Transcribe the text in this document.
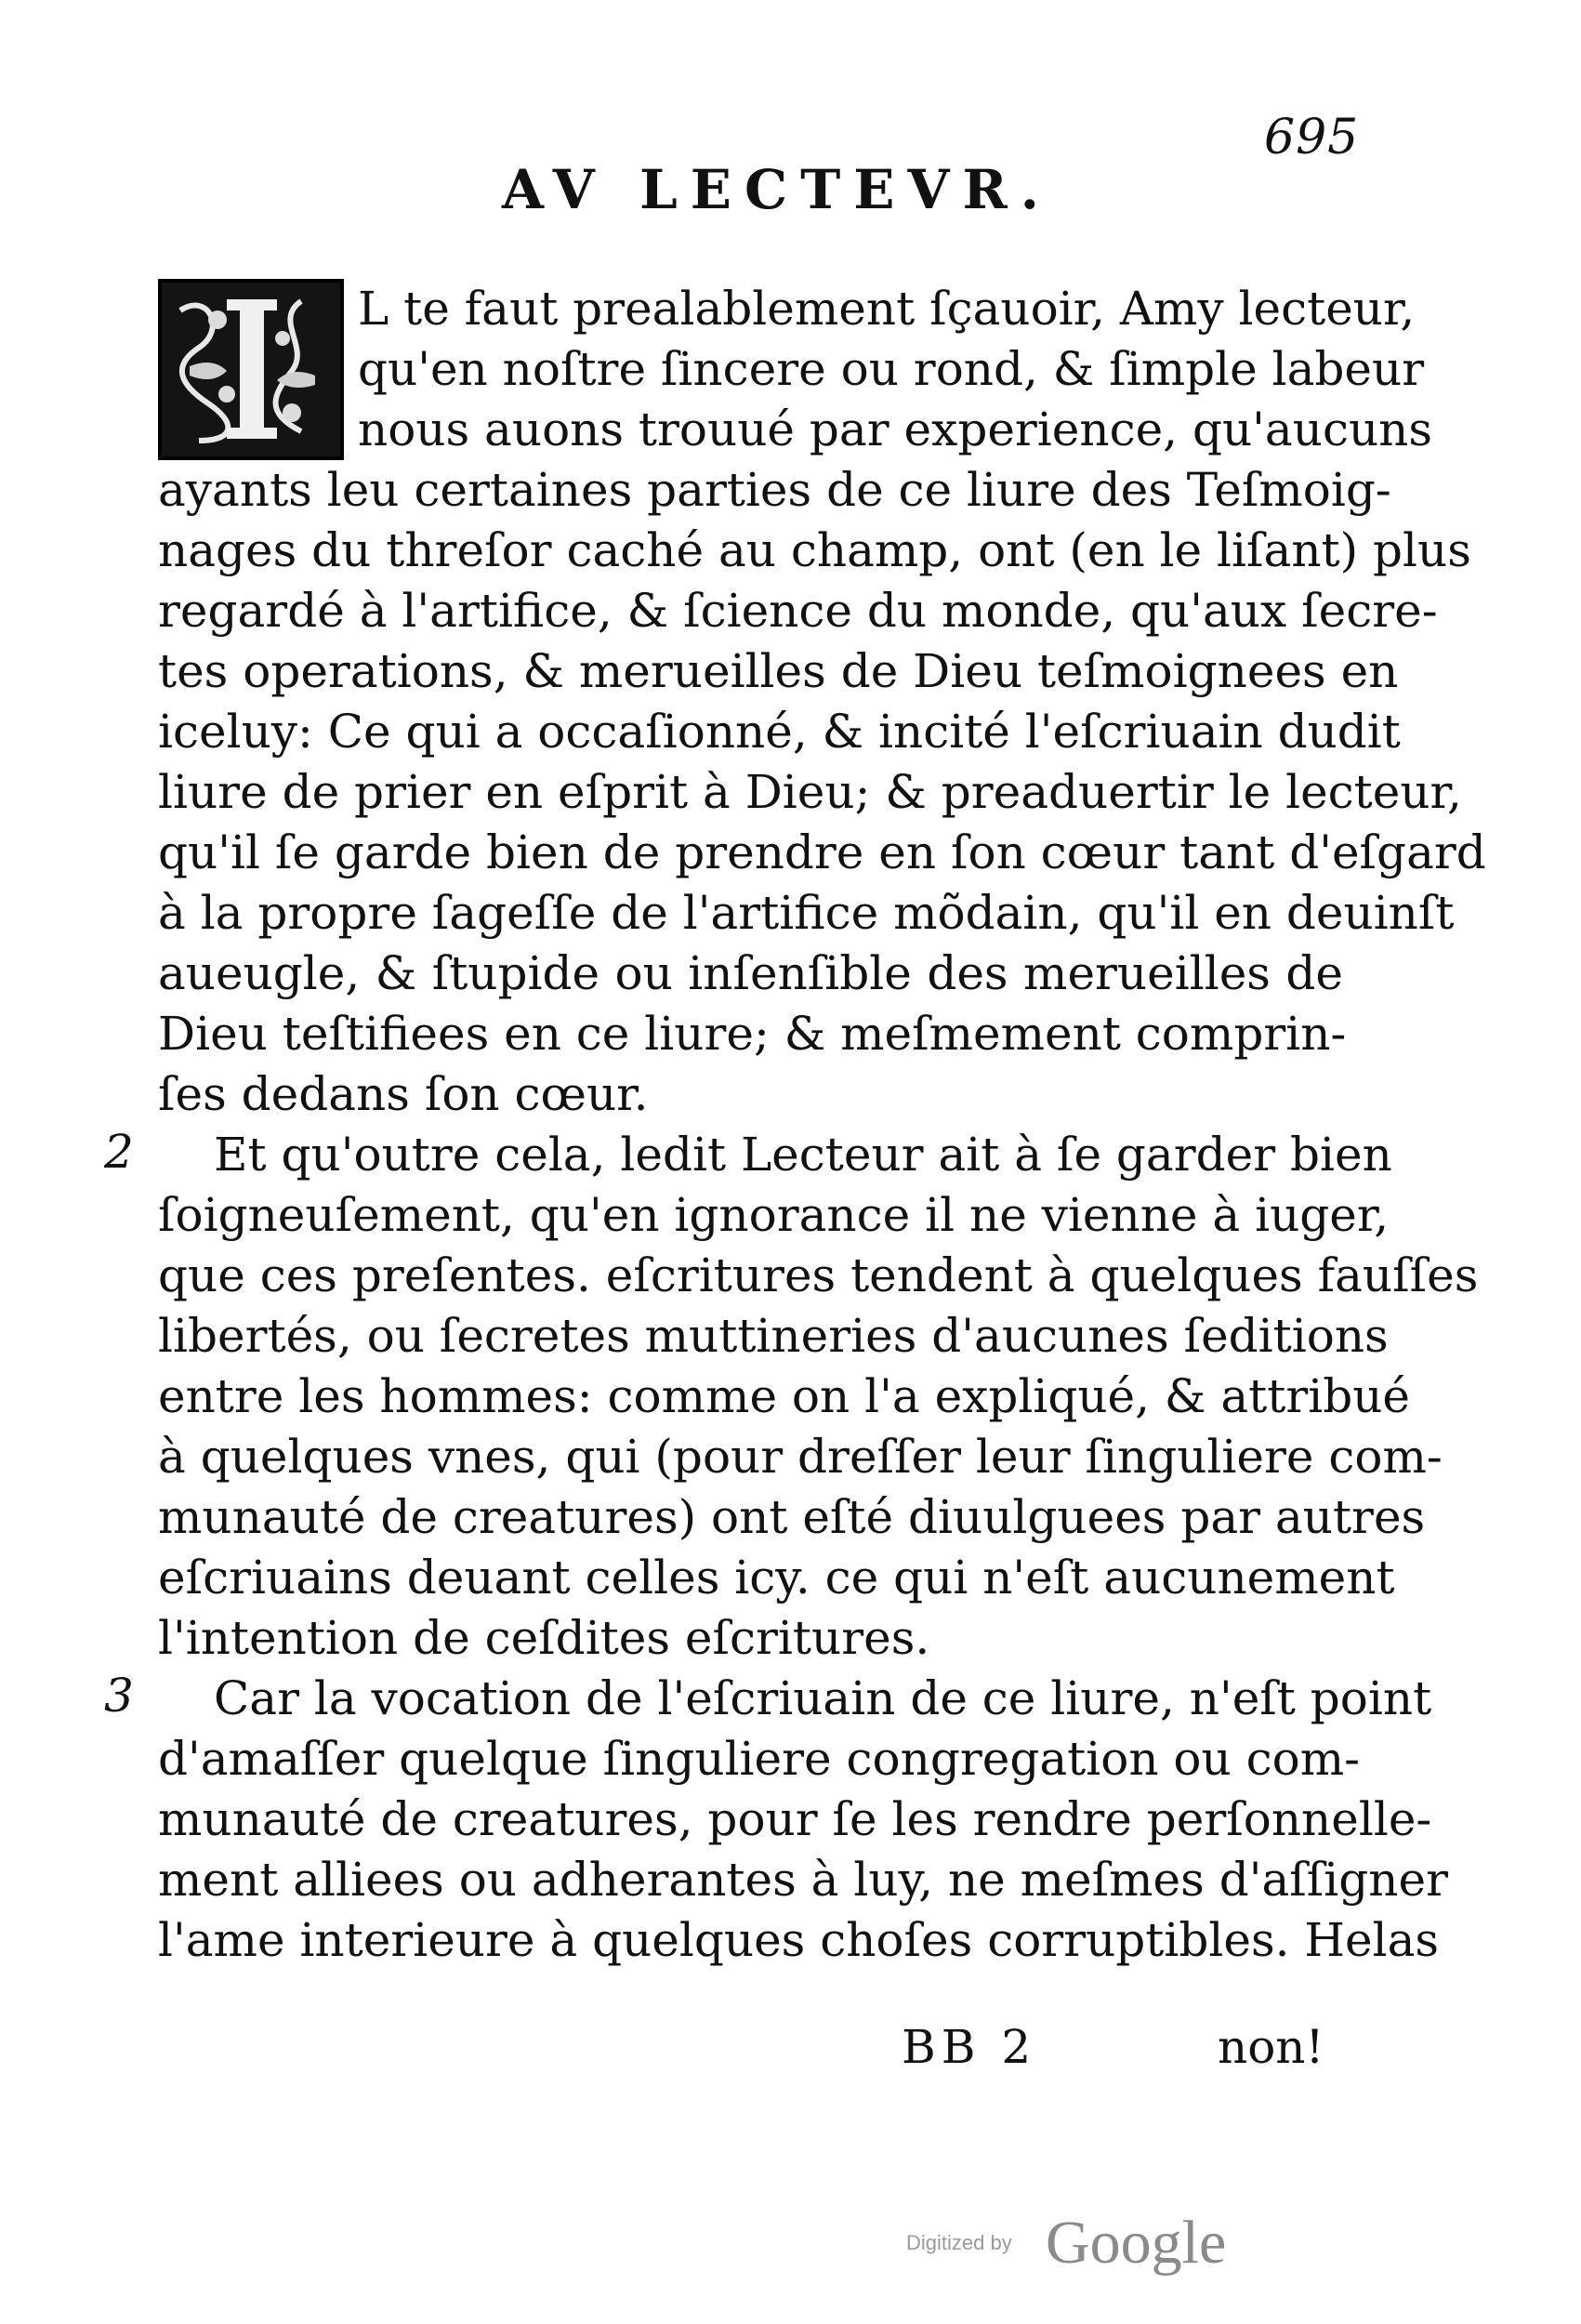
695
AV LECTEVR.
L te faut prealablement ſçauoir, Amy lecteur,
qu'en noſtre ſincere ou rond, & ſimple labeur
nous auons trouué par experience, qu'aucuns
ayants leu certaines parties de ce liure des Teſmoig-
nages du threſor caché au champ, ont (en le liſant) plus
regardé à l'artifice, & ſcience du monde, qu'aux ſecre-
tes operations, & merueilles de Dieu teſmoignees en
iceluy: Ce qui a occaſionné, & incité l'eſcriuain dudit
liure de prier en eſprit à Dieu; & preaduertir le lecteur,
qu'il ſe garde bien de prendre en ſon cœur tant d'eſgard
à la propre ſageſſe de l'artifice mõdain, qu'il en deuinſt
aueugle, & ſtupide ou inſenſible des merueilles de
Dieu teſtifiees en ce liure; & meſmement comprin-
ſes dedans ſon cœur.
Et qu'outre cela, ledit Lecteur ait à ſe garder bien
ſoigneuſement, qu'en ignorance il ne vienne à iuger,
que ces preſentes. eſcritures tendent à quelques fauſſes
libertés, ou ſecretes muttineries d'aucunes ſeditions
entre les hommes: comme on l'a expliqué, & attribué
à quelques vnes, qui (pour dreſſer leur ſinguliere com-
munauté de creatures) ont eſté diuulguees par autres
eſcriuains deuant celles icy. ce qui n'eſt aucunement
l'intention de ceſdites eſcritures.
Car la vocation de l'eſcriuain de ce liure, n'eſt point
d'amaſſer quelque ſinguliere congregation ou com-
munauté de creatures, pour ſe les rendre perſonnelle-
ment alliees ou adherantes à luy, ne meſmes d'aſſigner
l'ame interieure à quelques choſes corruptibles. Helas
2
3
BB 2	non!
Digitized by Google
